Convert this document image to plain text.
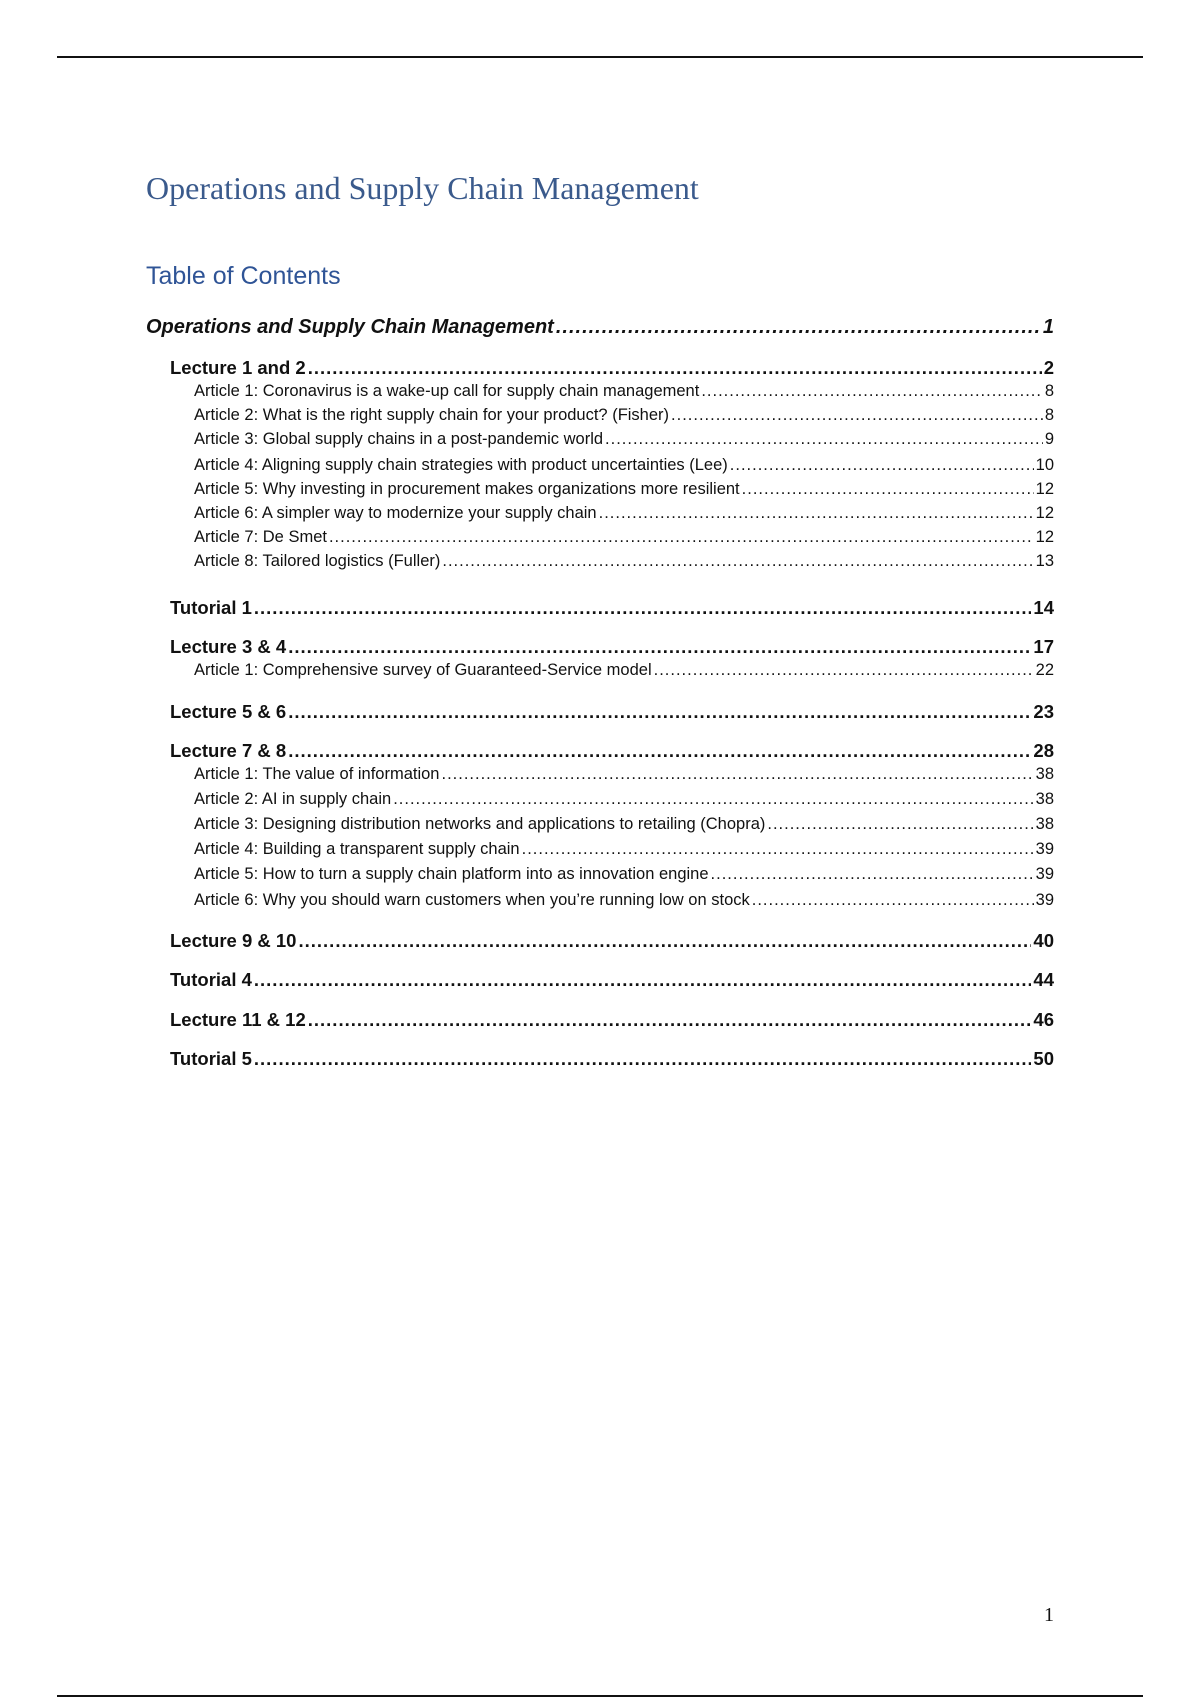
Operations and Supply Chain Management
Table of Contents
Operations and Supply Chain Management .....	1
Lecture 1 and 2 .....	2
Article 1: Coronavirus is a wake-up call for supply chain management .....	8
Article 2: What is the right supply chain for your product? (Fisher) .....	8
Article 3: Global supply chains in a post-pandemic world .....	9
Article 4: Aligning supply chain strategies with product uncertainties (Lee) .....	10
Article 5: Why investing in procurement makes organizations more resilient .....	12
Article 6: A simpler way to modernize your supply chain .....	12
Article 7: De Smet .....	12
Article 8: Tailored logistics (Fuller) .....	13
Tutorial 1 .....	14
Lecture 3 & 4 .....	17
Article 1: Comprehensive survey of Guaranteed-Service model .....	22
Lecture 5 & 6 .....	23
Lecture 7 & 8 .....	28
Article 1: The value of information .....	38
Article 2: AI in supply chain .....	38
Article 3: Designing distribution networks and applications to retailing (Chopra) .....	38
Article 4: Building a transparent supply chain .....	39
Article 5: How to turn a supply chain platform into as innovation engine .....	39
Article 6: Why you should warn customers when you’re running low on stock .....	39
Lecture 9 & 10 .....	40
Tutorial 4 .....	44
Lecture 11 & 12 .....	46
Tutorial 5 .....	50
1
